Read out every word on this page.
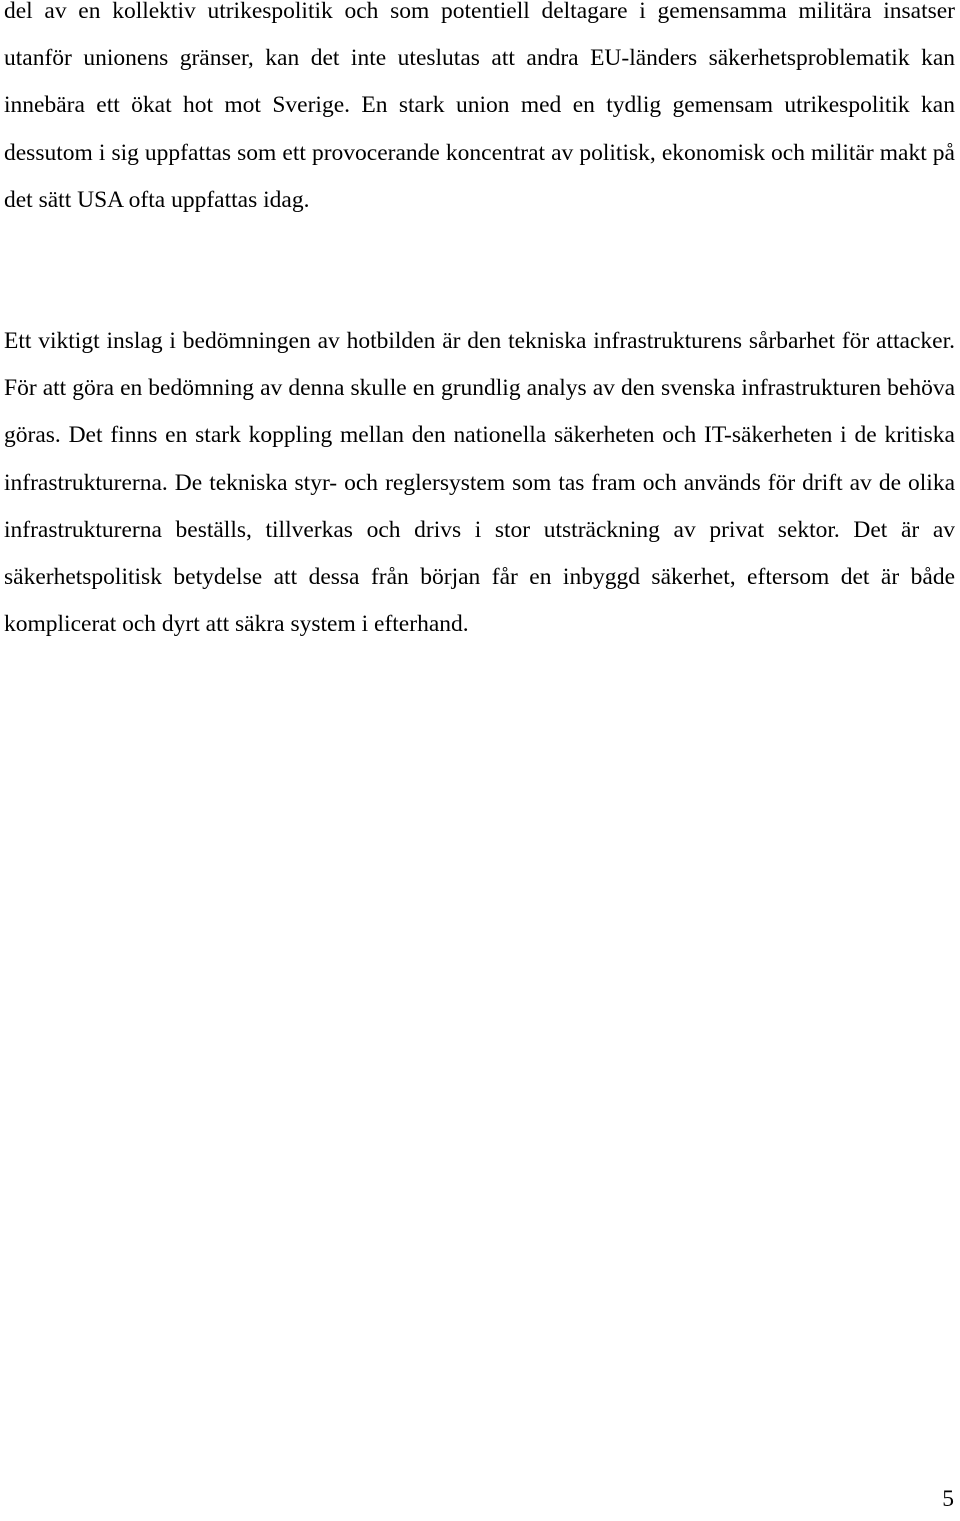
del av en kollektiv utrikespolitik och som potentiell deltagare i gemensamma militära insatser utanför unionens gränser, kan det inte uteslutas att andra EU-länders säkerhetsproblematik kan innebära ett ökat hot mot Sverige. En stark union med en tydlig gemensam utrikespolitik kan dessutom i sig uppfattas som ett provocerande koncentrat av politisk, ekonomisk och militär makt på det sätt USA ofta uppfattas idag.

Ett viktigt inslag i bedömningen av hotbilden är den tekniska infrastrukturens sårbarhet för attacker. För att göra en bedömning av denna skulle en grundlig analys av den svenska infrastrukturen behöva göras. Det finns en stark koppling mellan den nationella säkerheten och IT-säkerheten i de kritiska infrastrukturerna. De tekniska styr- och reglersystem som tas fram och används för drift av de olika infrastrukturerna beställs, tillverkas och drivs i stor utsträckning av privat sektor. Det är av säkerhetspolitisk betydelse att dessa från början får en inbyggd säkerhet, eftersom det är både komplicerat och dyrt att säkra system i efterhand.

5
